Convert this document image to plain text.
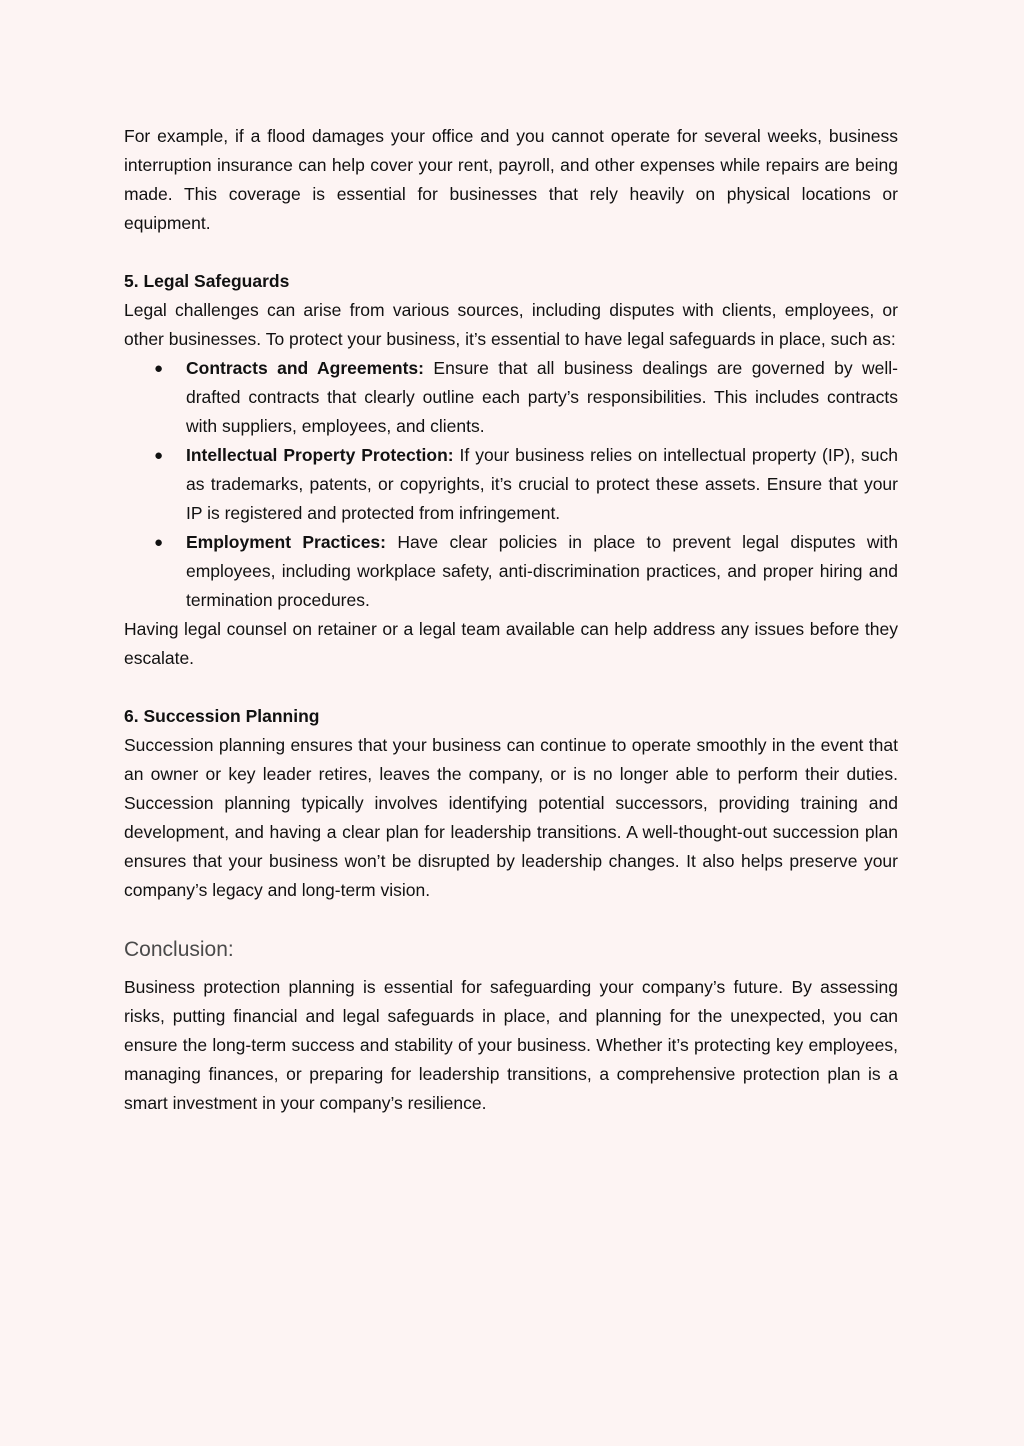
For example, if a flood damages your office and you cannot operate for several weeks, business interruption insurance can help cover your rent, payroll, and other expenses while repairs are being made. This coverage is essential for businesses that rely heavily on physical locations or equipment.

5. Legal Safeguards

Legal challenges can arise from various sources, including disputes with clients, employees, or other businesses. To protect your business, it’s essential to have legal safeguards in place, such as:

● Contracts and Agreements: Ensure that all business dealings are governed by well-drafted contracts that clearly outline each party’s responsibilities. This includes contracts with suppliers, employees, and clients.
● Intellectual Property Protection: If your business relies on intellectual property (IP), such as trademarks, patents, or copyrights, it’s crucial to protect these assets. Ensure that your IP is registered and protected from infringement.
● Employment Practices: Have clear policies in place to prevent legal disputes with employees, including workplace safety, anti-discrimination practices, and proper hiring and termination procedures.

Having legal counsel on retainer or a legal team available can help address any issues before they escalate.

6. Succession Planning

Succession planning ensures that your business can continue to operate smoothly in the event that an owner or key leader retires, leaves the company, or is no longer able to perform their duties. Succession planning typically involves identifying potential successors, providing training and development, and having a clear plan for leadership transitions. A well-thought-out succession plan ensures that your business won’t be disrupted by leadership changes. It also helps preserve your company’s legacy and long-term vision.

Conclusion:

Business protection planning is essential for safeguarding your company’s future. By assessing risks, putting financial and legal safeguards in place, and planning for the unexpected, you can ensure the long-term success and stability of your business. Whether it’s protecting key employees, managing finances, or preparing for leadership transitions, a comprehensive protection plan is a smart investment in your company’s resilience.
